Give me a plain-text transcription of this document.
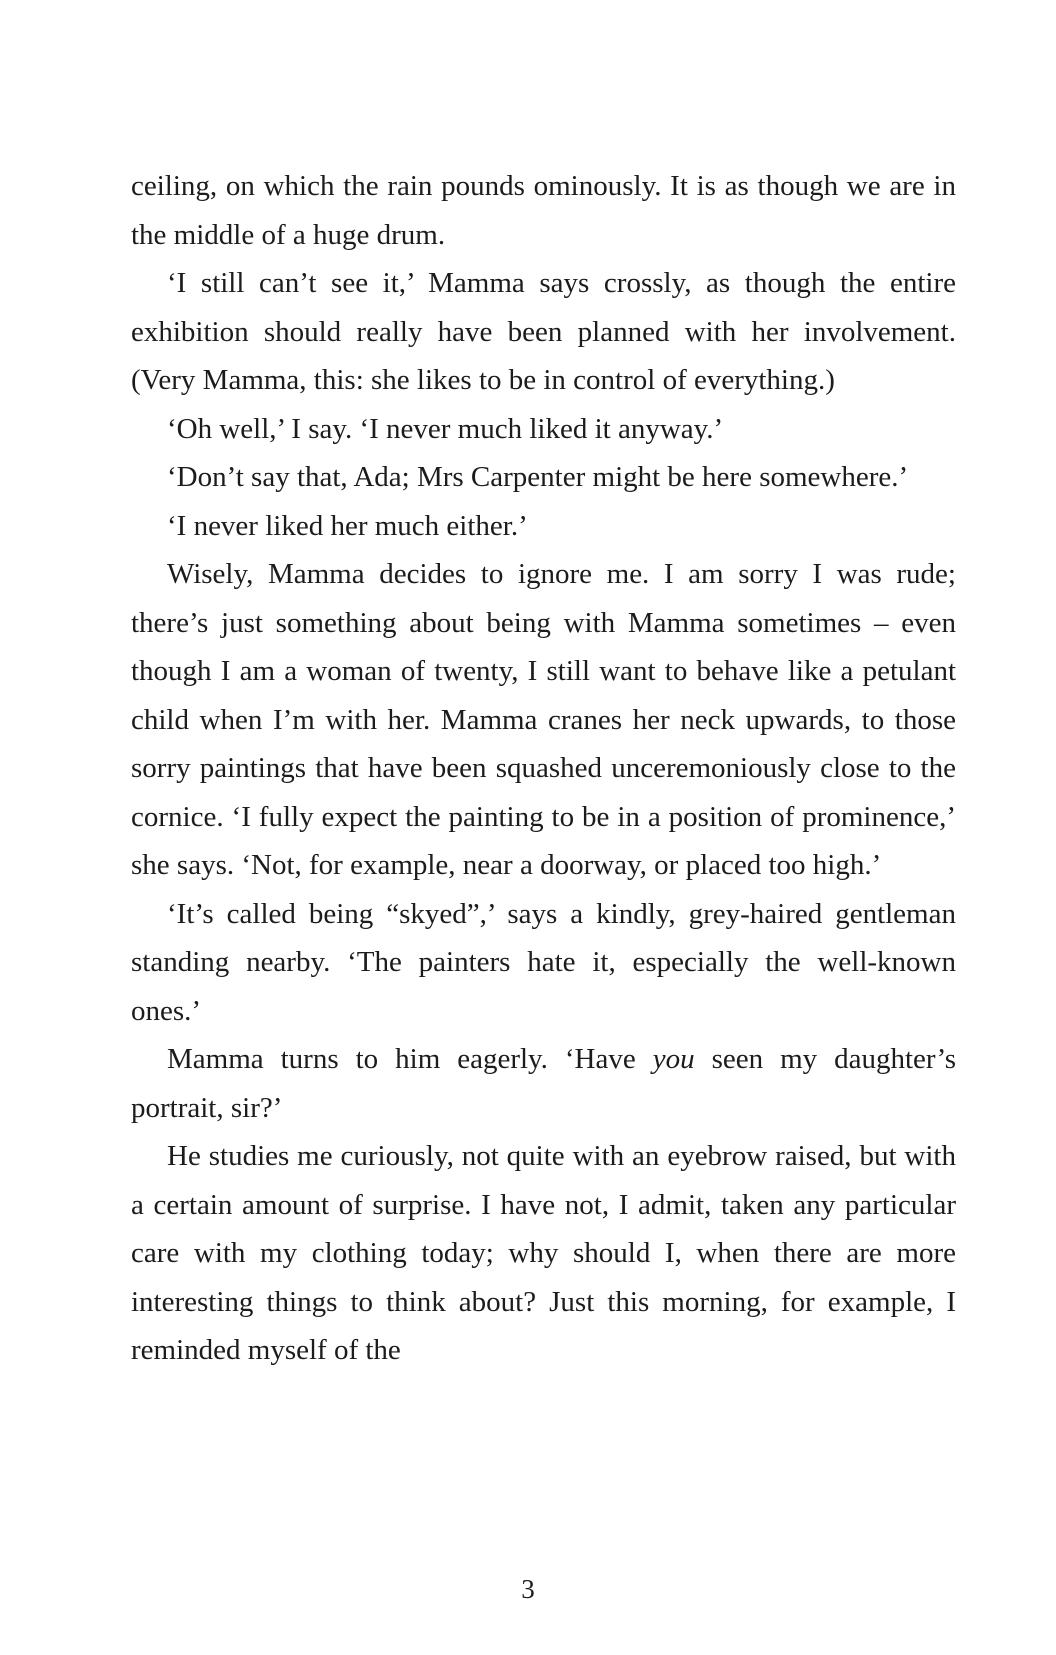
ceiling, on which the rain pounds ominously. It is as though we are in the middle of a huge drum.

‘I still can’t see it,’ Mamma says crossly, as though the entire exhibition should really have been planned with her involvement. (Very Mamma, this: she likes to be in control of everything.)

‘Oh well,’ I say. ‘I never much liked it anyway.’

‘Don’t say that, Ada; Mrs Carpenter might be here somewhere.’

‘I never liked her much either.’

Wisely, Mamma decides to ignore me. I am sorry I was rude; there’s just something about being with Mamma sometimes – even though I am a woman of twenty, I still want to behave like a petulant child when I’m with her. Mamma cranes her neck upwards, to those sorry paintings that have been squashed unceremoniously close to the cornice. ‘I fully expect the painting to be in a position of prominence,’ she says. ‘Not, for example, near a doorway, or placed too high.’

‘It’s called being “skyed”,’ says a kindly, grey-haired gentleman standing nearby. ‘The painters hate it, especially the well-known ones.’

Mamma turns to him eagerly. ‘Have you seen my daughter’s portrait, sir?’

He studies me curiously, not quite with an eyebrow raised, but with a certain amount of surprise. I have not, I admit, taken any particular care with my clothing today; why should I, when there are more interesting things to think about? Just this morning, for example, I reminded myself of the

3
